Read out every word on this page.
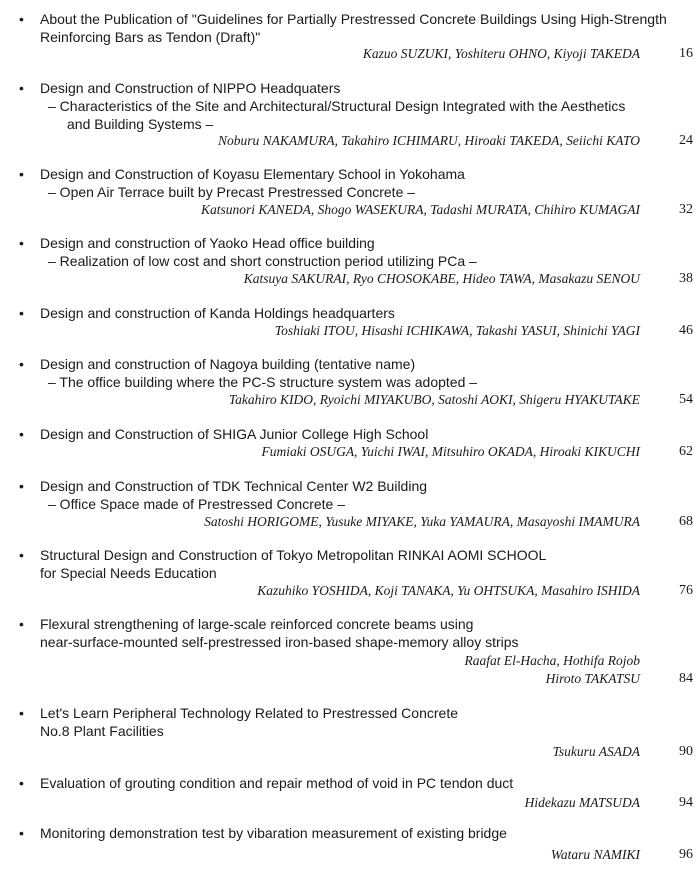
• About the Publication of "Guidelines for Partially Prestressed Concrete Buildings Using High-Strength
Reinforcing Bars as Tendon (Draft)"
Kazuo SUZUKI, Yoshiteru OHNO, Kiyoji TAKEDA	16
• Design and Construction of NIPPO Headquaters
– Characteristics of the Site and Architectural/Structural Design Integrated with the Aesthetics
and Building Systems –
Noburu NAKAMURA, Takahiro ICHIMARU, Hiroaki TAKEDA, Seiichi KATO	24
• Design and Construction of Koyasu Elementary School in Yokohama
– Open Air Terrace built by Precast Prestressed Concrete –
Katsunori KANEDA, Shogo WASEKURA, Tadashi MURATA, Chihiro KUMAGAI	32
• Design and construction of Yaoko Head office building
– Realization of low cost and short construction period utilizing PCa –
Katsuya SAKURAI, Ryo CHOSOKABE, Hideo TAWA, Masakazu SENOU	38
• Design and construction of Kanda Holdings headquarters
Toshiaki ITOU, Hisashi ICHIKAWA, Takashi YASUI, Shinichi YAGI	46
• Design and construction of Nagoya building (tentative name)
– The office building where the PC-S structure system was adopted –
Takahiro KIDO, Ryoichi MIYAKUBO, Satoshi AOKI, Shigeru HYAKUTAKE	54
• Design and Construction of SHIGA Junior College High School
Fumiaki OSUGA, Yuichi IWAI, Mitsuhiro OKADA, Hiroaki KIKUCHI	62
• Design and Construction of TDK Technical Center W2 Building
– Office Space made of Prestressed Concrete –
Satoshi HORIGOME, Yusuke MIYAKE, Yuka YAMAURA, Masayoshi IMAMURA	68
• Structural Design and Construction of Tokyo Metropolitan RINKAI AOMI SCHOOL
for Special Needs Education
Kazuhiko YOSHIDA, Koji TANAKA, Yu OHTSUKA, Masahiro ISHIDA	76
• Flexural strengthening of large-scale reinforced concrete beams using
near-surface-mounted self-prestressed iron-based shape-memory alloy strips
Raafat El-Hacha, Hothifa Rojob
Hiroto TAKATSU	84
• Let's Learn Peripheral Technology Related to Prestressed Concrete
No.8 Plant Facilities
Tsukuru ASADA	90
• Evaluation of grouting condition and repair method of void in PC tendon duct
Hidekazu MATSUDA	94
• Monitoring demonstration test by vibaration measurement of existing bridge
Wataru NAMIKI	96
